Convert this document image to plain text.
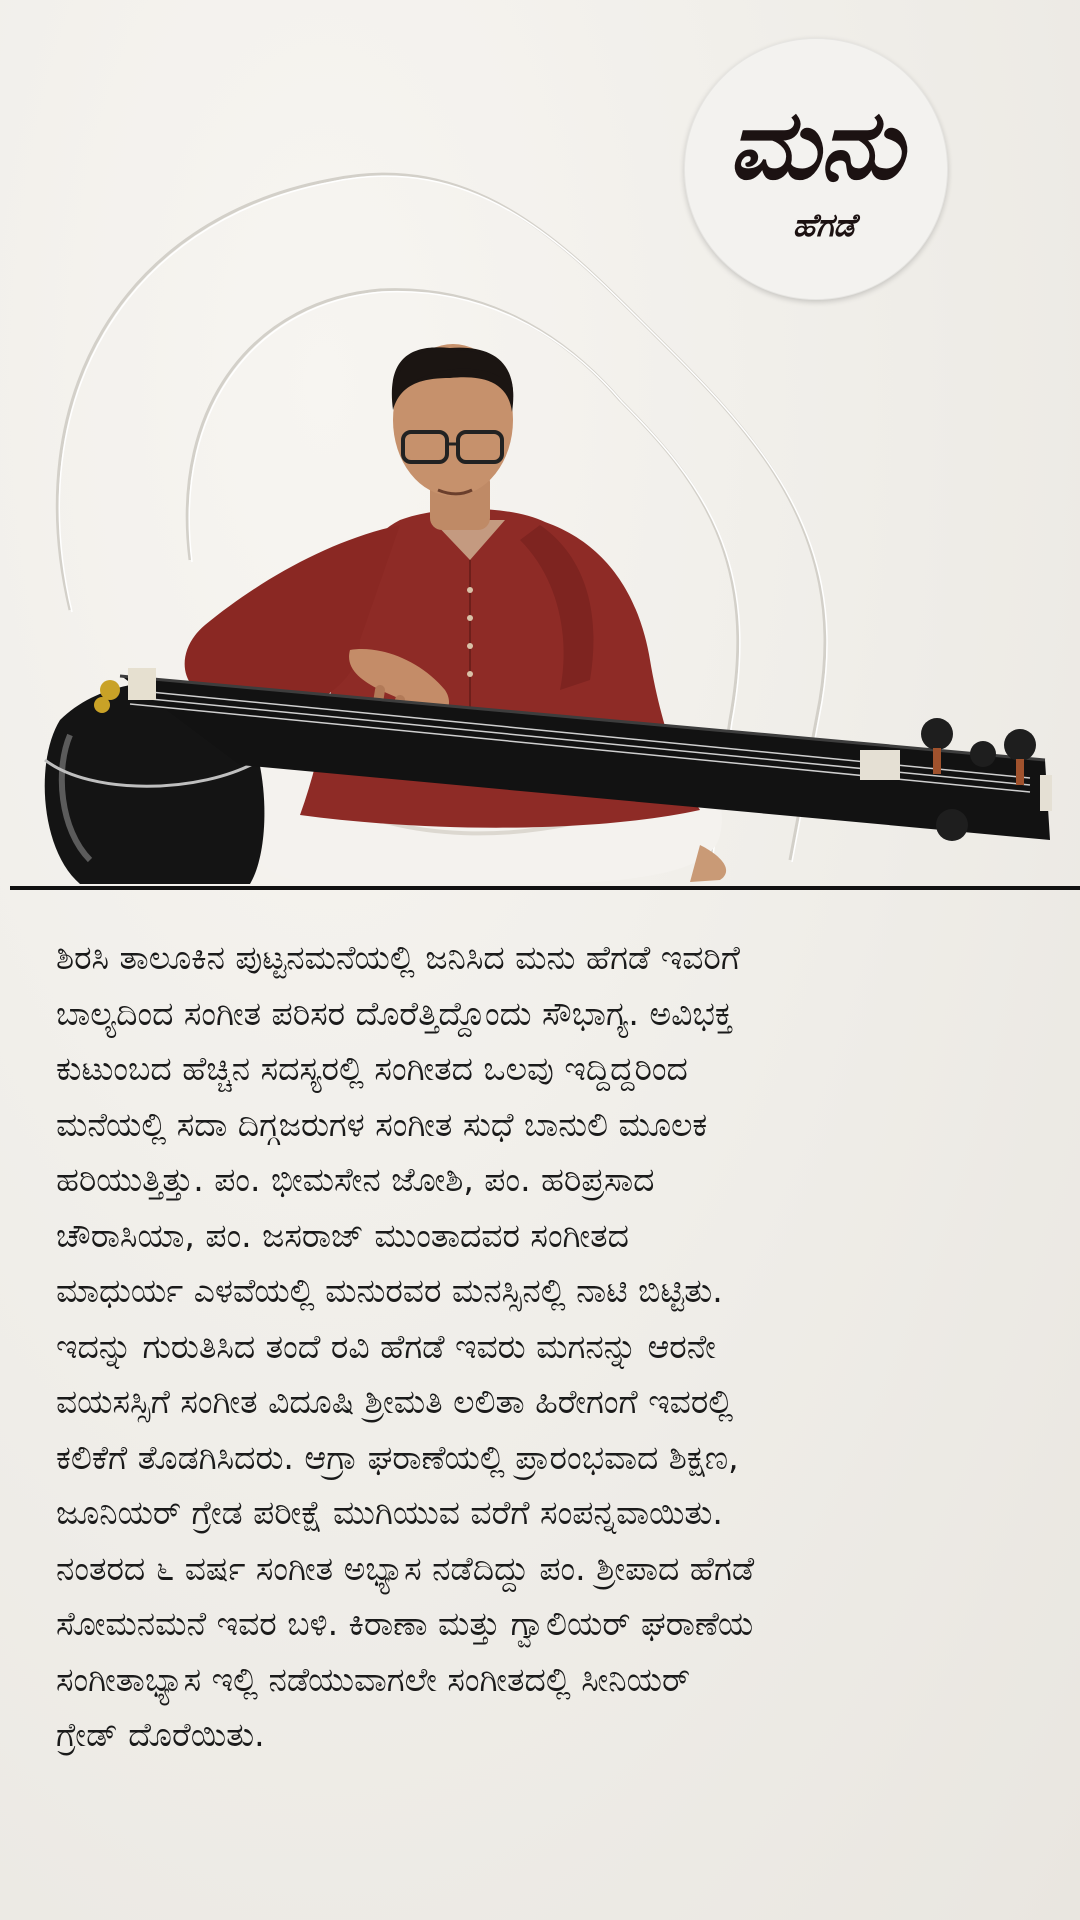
ಮನು
ಹೆಗಡೆ

ಶಿರಸಿ ತಾಲೂಕಿನ ಪುಟ್ಟನಮನೆಯಲ್ಲಿ ಜನಿಸಿದ ಮನು ಹೆಗಡೆ ಇವರಿಗೆ
ಬಾಲ್ಯದಿಂದ ಸಂಗೀತ ಪರಿಸರ ದೊರೆತ್ತಿದ್ದೊಂದು ಸೌಭಾಗ್ಯ. ಅವಿಭಕ್ತ
ಕುಟುಂಬದ ಹೆಚ್ಚಿನ ಸದಸ್ಯರಲ್ಲಿ ಸಂಗೀತದ ಒಲವು ಇದ್ದಿದ್ದರಿಂದ
ಮನೆಯಲ್ಲಿ ಸದಾ ದಿಗ್ಗಜರುಗಳ ಸಂಗೀತ ಸುಧೆ ಬಾನುಲಿ ಮೂಲಕ
ಹರಿಯುತ್ತಿತ್ತು. ಪಂ. ಭೀಮಸೇನ ಜೋಶಿ, ಪಂ. ಹರಿಪ್ರಸಾದ
ಚೌರಾಸಿಯಾ, ಪಂ. ಜಸರಾಜ್ ಮುಂತಾದವರ ಸಂಗೀತದ
ಮಾಧುರ್ಯ ಎಳವೆಯಲ್ಲಿ ಮನುರವರ ಮನಸ್ಸಿನಲ್ಲಿ ನಾಟಿ ಬಿಟ್ಟಿತು.
ಇದನ್ನು ಗುರುತಿಸಿದ ತಂದೆ ರವಿ ಹೆಗಡೆ ಇವರು ಮಗನನ್ನು ಆರನೇ
ವಯಸಸ್ಸಿಗೆ ಸಂಗೀತ ವಿದೂಷಿ ಶ್ರೀಮತಿ ಲಲಿತಾ ಹಿರೇಗಂಗೆ ಇವರಲ್ಲಿ
ಕಲಿಕೆಗೆ ತೊಡಗಿಸಿದರು. ಆಗ್ರಾ ಘರಾಣೆಯಲ್ಲಿ ಪ್ರಾರಂಭವಾದ ಶಿಕ್ಷಣ,
ಜೂನಿಯರ್ ಗ್ರೇಡ ಪರೀಕ್ಷೆ ಮುಗಿಯುವ ವರೆಗೆ ಸಂಪನ್ನವಾಯಿತು.
ನಂತರದ ೬ ವರ್ಷ ಸಂಗೀತ ಅಭ್ಯಾಸ ನಡೆದಿದ್ದು ಪಂ. ಶ್ರೀಪಾದ ಹೆಗಡೆ
ಸೋಮನಮನೆ ಇವರ ಬಳಿ. ಕಿರಾಣಾ ಮತ್ತು ಗ್ವಾಲಿಯರ್ ಘರಾಣೆಯ
ಸಂಗೀತಾಭ್ಯಾಸ ಇಲ್ಲಿ ನಡೆಯುವಾಗಲೇ ಸಂಗೀತದಲ್ಲಿ ಸೀನಿಯರ್
ಗ್ರೇಡ್ ದೊರೆಯಿತು.
